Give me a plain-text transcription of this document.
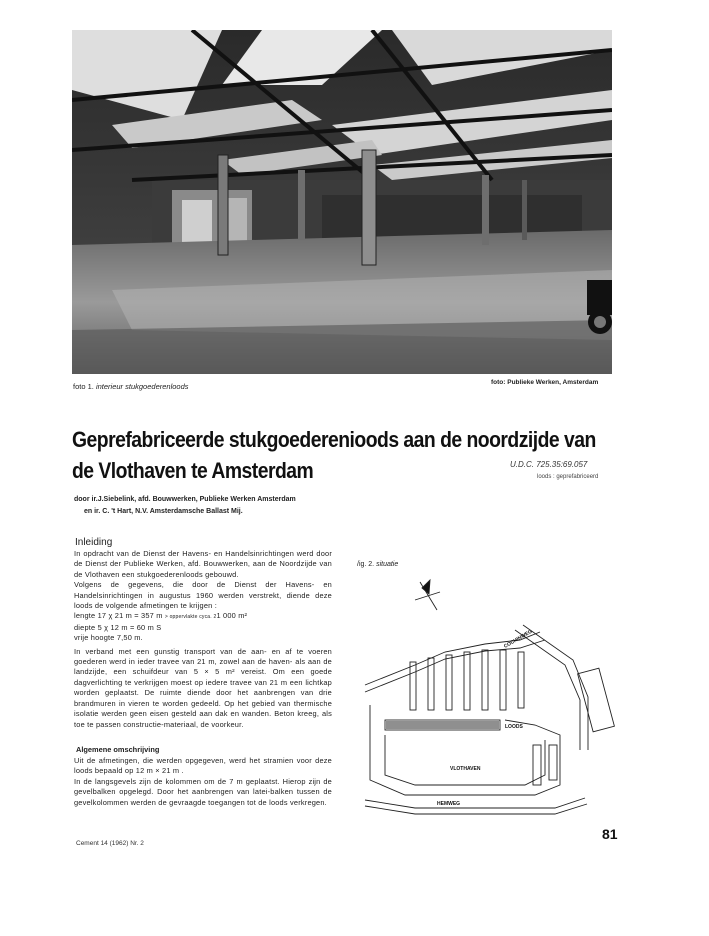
foto 1. interieur stukgoederenloods	foto: Publieke Werken, Amsterdam
Geprefabriceerde stukgoederenioods aan de noordzijde van
de Vlothaven te Amsterdam	U.D.C. 725.35:69.057
loods : geprefabriceerd
door ir.J.Siebelink, afd. Bouwwerken, Publieke Werken Amsterdam
en ir. C. 't Hart, N.V. Amsterdamsche Ballast Mij.
Inleiding

In opdracht van de Dienst der Havens- en Handelsinrichtingen werd door de Dienst der Publieke Werken, afd. Bouwwerken, aan de Noordzijde van de Vlothaven een stukgoederenloods gebouwd.

Volgens de gegevens, die door de Dienst der Havens- en Handelsinrichtingen in augustus 1960 werden verstrekt, diende deze loods de volgende afmetingen te krijgen :

lengte 17 χ 21 m = 357 m > oppervlakte cyca. 21 000 m²

diepte 5 χ 12 m = 60 m S

vrije hoogte 7,50 m.

In verband met een gunstig transport van de aan- en af te voeren goederen werd in ieder travee van 21 m, zowel aan de haven- als aan de landzijde, een schuifdeur van 5 × 5 m² vereist. Om een goede dagverlichting te verkrijgen moest op iedere travee van 21 m een lichtkap worden geplaatst. De ruimte diende door het aanbrengen van drie brandmuren in vieren te worden gedeeld. Op het gebied van thermische isolatie werden geen eisen gesteld aan dak en wanden. Beton kreeg, als toe te passen constructie-materiaal, de voorkeur.

Algemene omschrijving

Uit de afmetingen, die werden opgegeven, werd het stramien voor deze loods bepaald op 12 m × 21 m .

In de langsgevels zijn de kolommen om de 7 m geplaatst. Hierop zijn de gevelbalken opgelegd. Door het aanbrengen van latei-balken tussen de gevelkolommen werden de gevraagde toegangen tot de loods verkregen.

/ig. 2. situatie
COCHINWEG
LOODS
VLOTHAVEN
HEMWEG
81
Cement 14 (1962) Nr. 2
